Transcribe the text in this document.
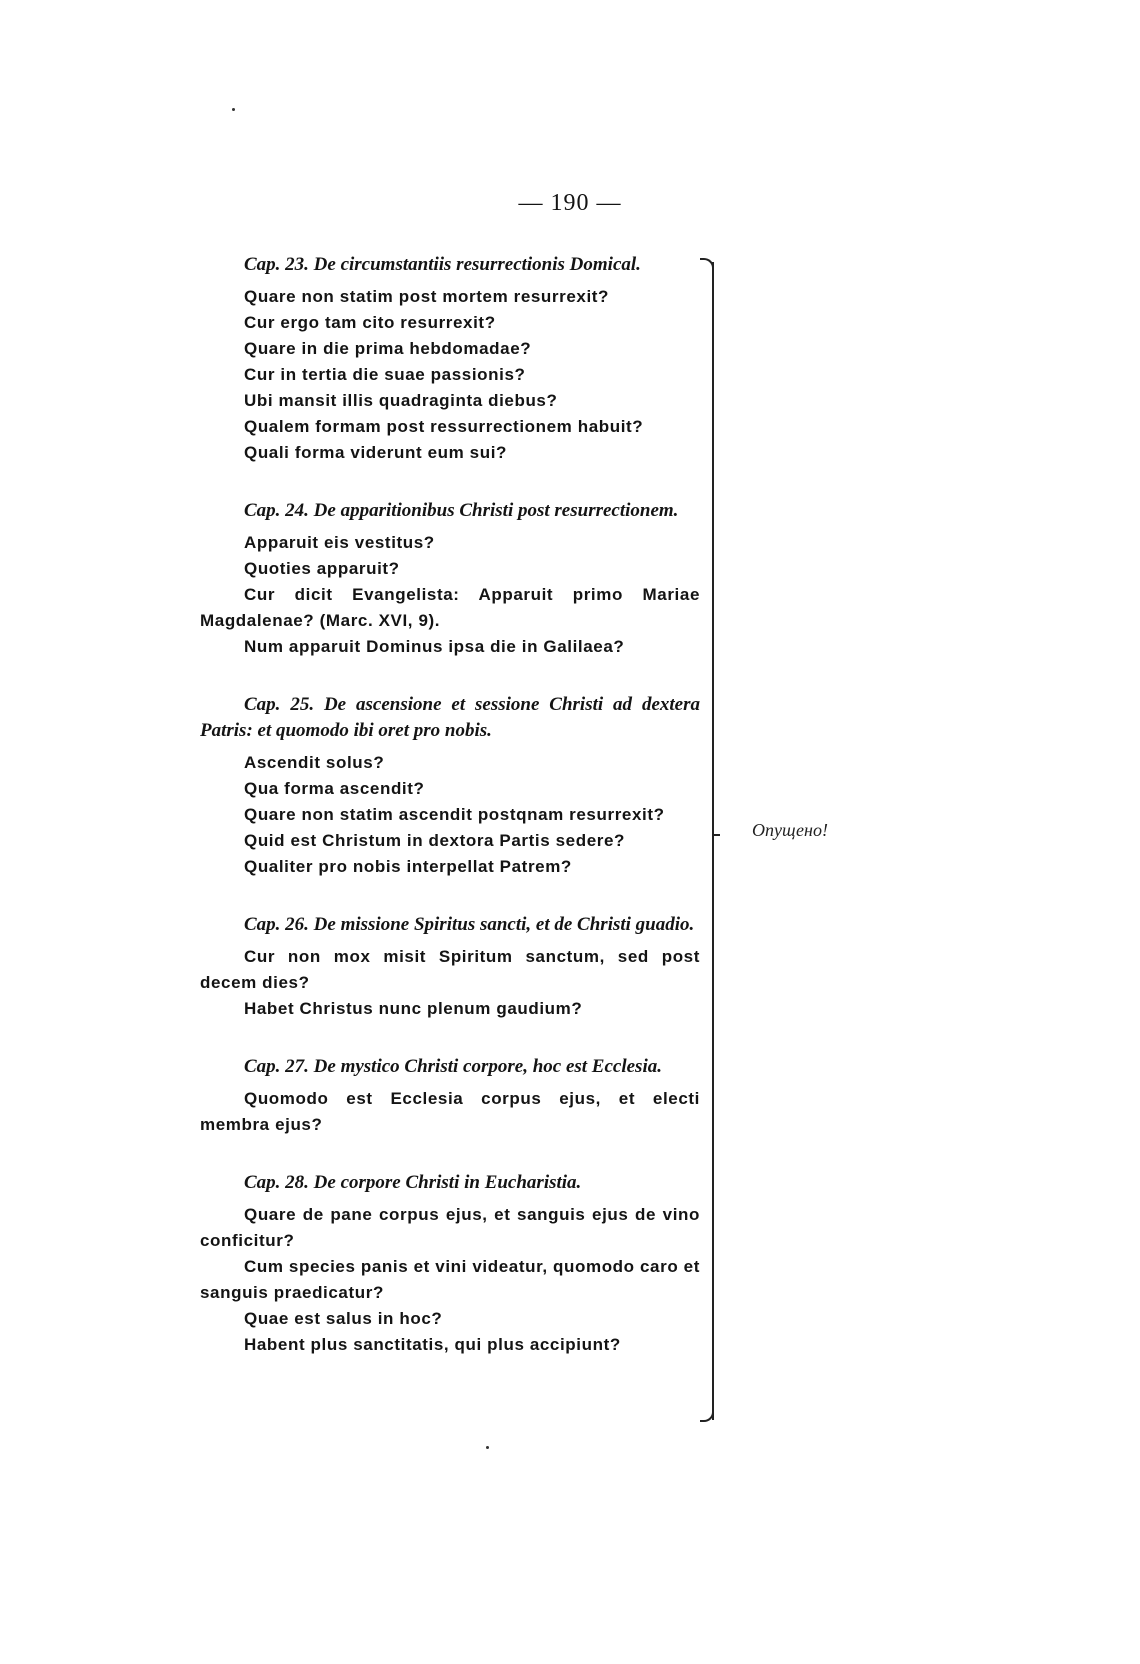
— 190 —

Cap. 23. De circumstantiis resurrectionis Domical.

Quare non statim post mortem resurrexit?

Cur ergo tam cito resurrexit?

Quare in die prima hebdomadae?

Cur in tertia die suae passionis?

Ubi mansit illis quadraginta diebus?

Qualem formam post ressurrectionem habuit?

Quali forma viderunt eum sui?

Cap. 24. De apparitionibus Christi post resurrectionem.

Apparuit eis vestitus?

Quoties apparuit?

Cur dicit Evangelista: Apparuit primo Mariae Magdalenae? (Marc. XVI, 9).

Num apparuit Dominus ipsa die in Galilaea?

Cap. 25. De ascensione et sessione Christi ad dextera Patris: et quomodo ibi oret pro nobis.

Ascendit solus?

Qua forma ascendit?

Quare non statim ascendit postqnam resurrexit?

Quid est Christum in dextora Partis sedere?

Qualiter pro nobis interpellat Patrem?

Cap. 26. De missione Spiritus sancti, et de Christi guadio.

Cur non mox misit Spiritum sanctum, sed post decem dies?

Habet Christus nunc plenum gaudium?

Cap. 27. De mystico Christi corpore, hoc est Ecclesia.

Quomodo est Ecclesia corpus ejus, et electi membra ejus?

Cap. 28. De corpore Christi in Eucharistia.

Quare de pane corpus ejus, et sanguis ejus de vino conficitur?

Cum species panis et vini videatur, quomodo caro et sanguis praedicatur?

Quae est salus in hoc?

Habent plus sanctitatis, qui plus accipiunt?

Опущено!
